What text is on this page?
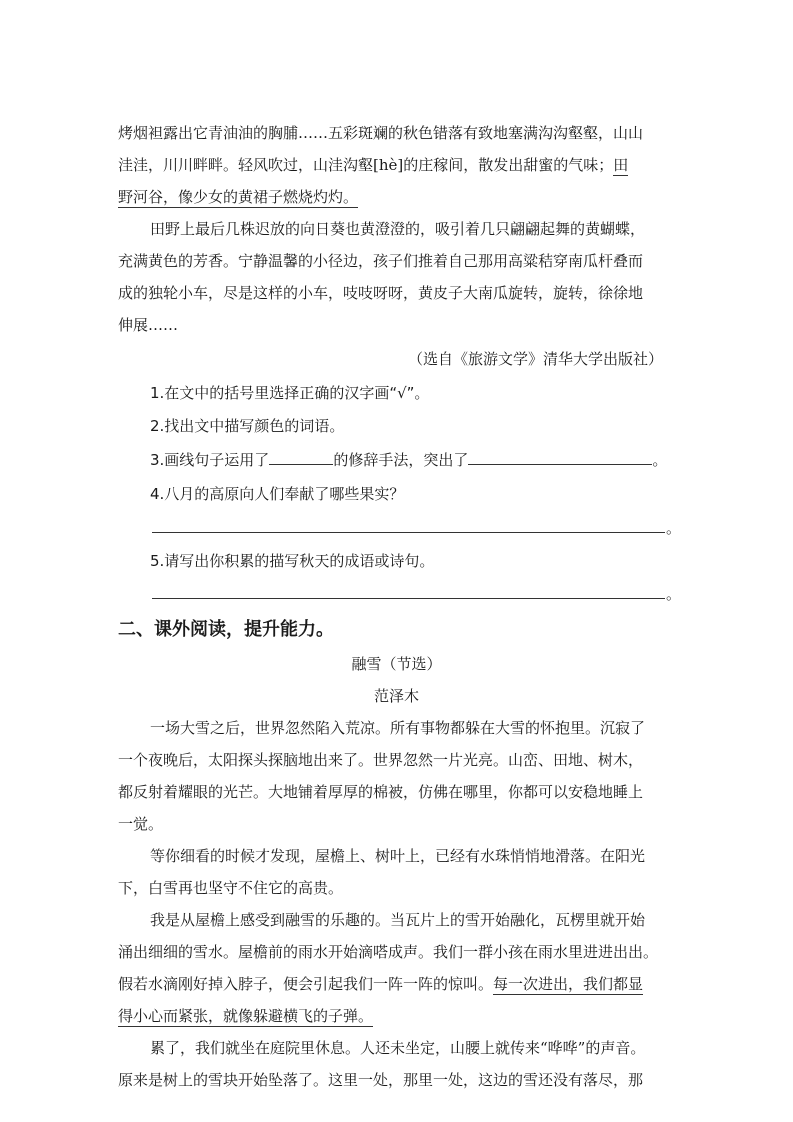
烤烟袒露出它青油油的胸脯……五彩斑斓的秋色错落有致地塞满沟沟壑壑，山山
洼洼，川川畔畔。轻风吹过，山洼沟壑[hè]的庄稼间，散发出甜蜜的气味；田
野河谷，像少女的黄裙子燃烧灼灼。
田野上最后几株迟放的向日葵也黄澄澄的，吸引着几只翩翩起舞的黄蝴蝶，
充满黄色的芳香。宁静温馨的小径边，孩子们推着自己那用高粱秸穿南瓜杆叠而
成的独轮小车，尽是这样的小车，吱吱呀呀，黄皮子大南瓜旋转，旋转，徐徐地
伸展……
（选自《旅游文学》清华大学出版社）
1.在文中的括号里选择正确的汉字画“√”。
2.找出文中描写颜色的词语。
3.画线句子运用了	的修辞手法，突出了	。
4.八月的高原向人们奉献了哪些果实？
。
5.请写出你积累的描写秋天的成语或诗句。
。
二、课外阅读，提升能力。
融雪（节选）
范泽木
一场大雪之后，世界忽然陷入荒凉。所有事物都躲在大雪的怀抱里。沉寂了
一个夜晚后，太阳探头探脑地出来了。世界忽然一片光亮。山峦、田地、树木，
都反射着耀眼的光芒。大地铺着厚厚的棉被，仿佛在哪里，你都可以安稳地睡上
一觉。
等你细看的时候才发现，屋檐上、树叶上，已经有水珠悄悄地滑落。在阳光
下，白雪再也坚守不住它的高贵。
我是从屋檐上感受到融雪的乐趣的。当瓦片上的雪开始融化，瓦楞里就开始
涌出细细的雪水。屋檐前的雨水开始滴嗒成声。我们一群小孩在雨水里进进出出。
假若水滴刚好掉入脖子，便会引起我们一阵一阵的惊叫。每一次进出，我们都显
得小心而紧张，就像躲避横飞的子弹。
累了，我们就坐在庭院里休息。人还未坐定，山腰上就传来“哗哗”的声音。
原来是树上的雪块开始坠落了。这里一处，那里一处，这边的雪还没有落尽，那
